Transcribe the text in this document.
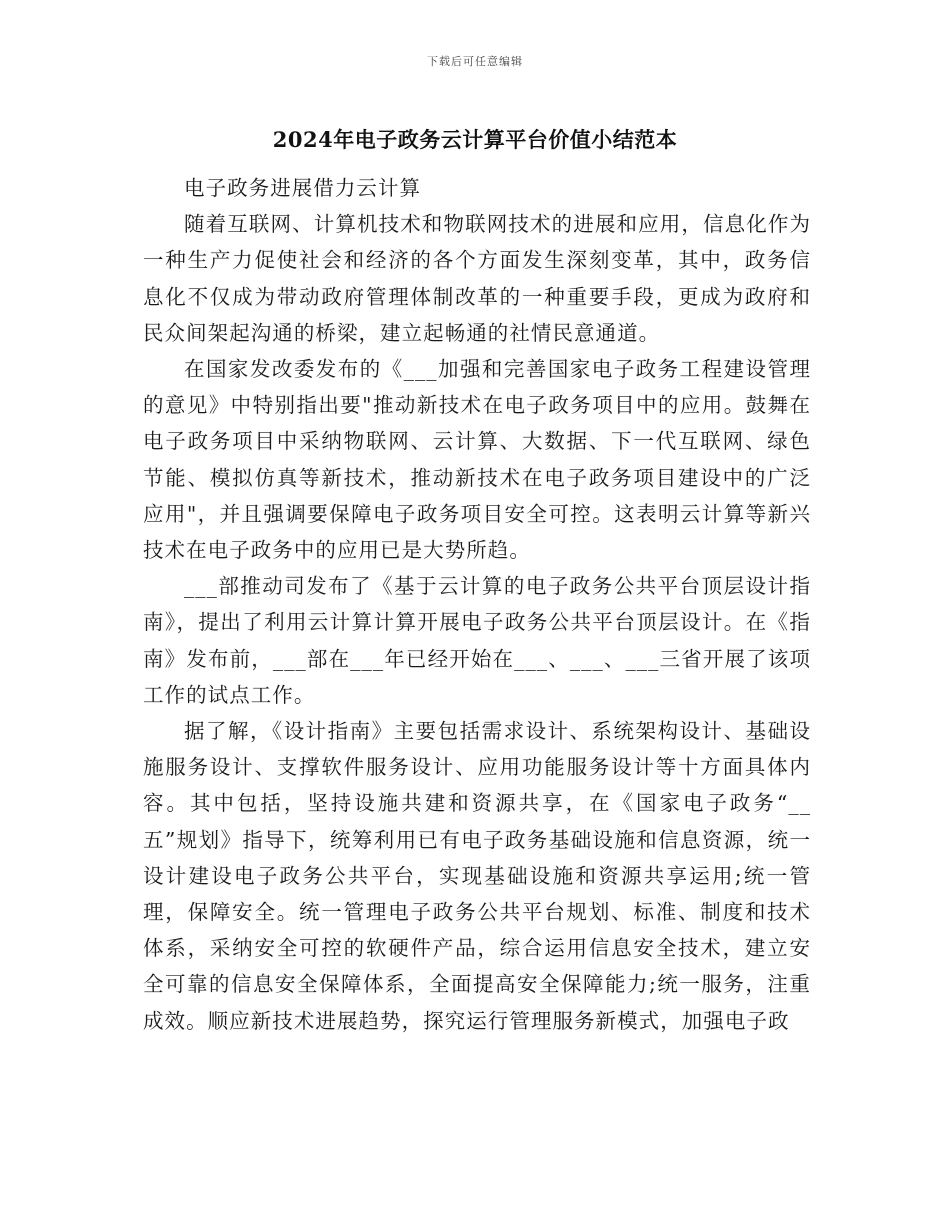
下载后可任意编辑
2024年电子政务云计算平台价值小结范本

电子政务进展借力云计算

随着互联网、计算机技术和物联网技术的进展和应用，信息化作为一种生产力促使社会和经济的各个方面发生深刻变革，其中，政务信息化不仅成为带动政府管理体制改革的一种重要手段，更成为政府和民众间架起沟通的桥梁，建立起畅通的社情民意通道。

在国家发改委发布的《___加强和完善国家电子政务工程建设管理的意见》中特别指出要"推动新技术在电子政务项目中的应用。鼓舞在电子政务项目中采纳物联网、云计算、大数据、下一代互联网、绿色节能、模拟仿真等新技术，推动新技术在电子政务项目建设中的广泛应用"，并且强调要保障电子政务项目安全可控。这表明云计算等新兴技术在电子政务中的应用已是大势所趋。

___部推动司发布了《基于云计算的电子政务公共平台顶层设计指南》，提出了利用云计算计算开展电子政务公共平台顶层设计。在《指南》发布前，___部在___年已经开始在___、___、___三省开展了该项工作的试点工作。

据了解，《设计指南》主要包括需求设计、系统架构设计、基础设施服务设计、支撑软件服务设计、应用功能服务设计等十方面具体内容。其中包括，坚持设施共建和资源共享，在《国家电子政务“__五”规划》指导下，统筹利用已有电子政务基础设施和信息资源，统一设计建设电子政务公共平台，实现基础设施和资源共享运用;统一管理，保障安全。统一管理电子政务公共平台规划、标准、制度和技术体系，采纳安全可控的软硬件产品，综合运用信息安全技术，建立安全可靠的信息安全保障体系，全面提高安全保障能力;统一服务，注重成效。顺应新技术进展趋势，探究运行管理服务新模式，加强电子政
